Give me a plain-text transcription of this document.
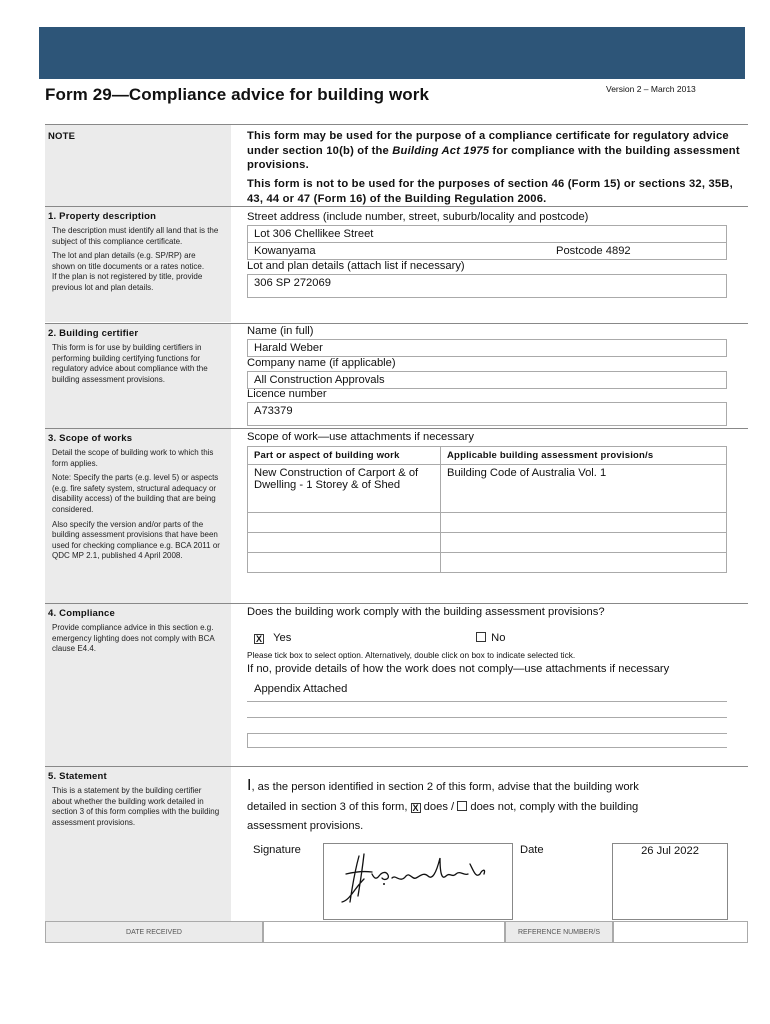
Form 29—Compliance advice for building work	Version 2 – March 2013
NOTE
1. Property description
The description must identify all land that is the subject of this compliance certificate.
The lot and plan details (e.g. SP/RP) are shown on title documents or a rates notice.
If the plan is not registered by title, provide previous lot and plan details.
2. Building certifier
This form is for use by building certifiers in performing building certifying functions for regulatory advice about compliance with the building assessment provisions.
3. Scope of works
Detail the scope of building work to which this form applies.
Note: Specify the parts (e.g. level 5) or aspects (e.g. fire safety system, structural adequacy or disability access) of the building that are being considered.
Also specify the version and/or parts of the building assessment provisions that have been used for checking compliance e.g. BCA 2011 or QDC MP 2.1, published 4 April 2008.
4. Compliance
Provide compliance advice in this section e.g. emergency lighting does not comply with BCA clause E4.4.
5. Statement
This is a statement by the building certifier about whether the building work detailed in section 3 of this form complies with the building assessment provisions.
This form may be used for the purpose of a compliance certificate for regulatory advice under section 10(b) of the Building Act 1975 for compliance with the building assessment provisions.
This form is not to be used for the purposes of section 46 (Form 15) or sections 32, 35B, 43, 44 or 47 (Form 16) of the Building Regulation 2006.
Street address (include number, street, suburb/locality and postcode)
Lot 306 Chellikee Street
Kowanyama	Postcode 4892
Lot and plan details (attach list if necessary)
306 SP 272069
Name (in full)
Harald Weber
Company name (if applicable)
All Construction Approvals
Licence number
A73379
Scope of work—use attachments if necessary
Part or aspect of building work	Applicable building assessment provision/s
New Construction of Carport & of Dwelling - 1 Storey & of Shed	Building Code of Australia Vol. 1

Does the building work comply with the building assessment provisions?
X Yes	No
Please tick box to select option. Alternatively, double click on box to indicate selected tick.
If no, provide details of how the work does not comply—use attachments if necessary
Appendix Attached
I, as the person identified in section 2 of this form, advise that the building work
detailed in section 3 of this form, X does /  does not, comply with the building
assessment provisions.
Signature	Date	26 Jul 2022
DATE RECEIVED	REFERENCE NUMBER/S
